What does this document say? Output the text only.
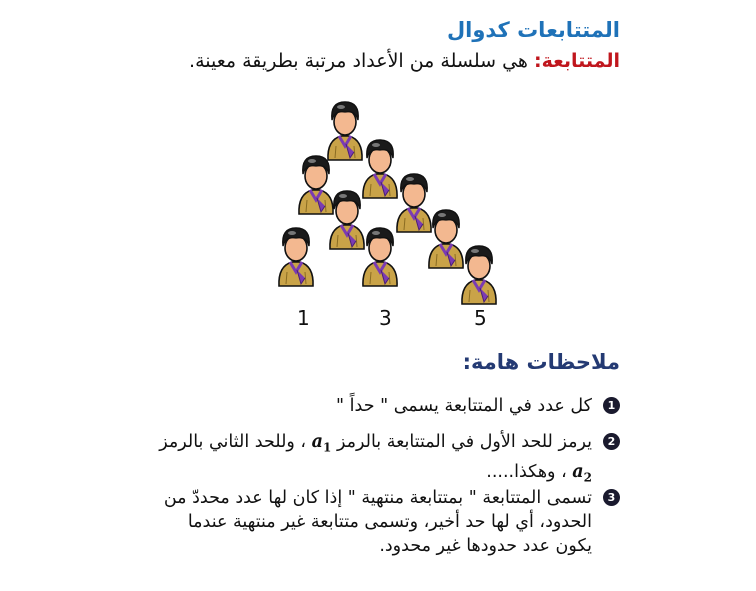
المتتابعات كدوال
المتتابعة: هي سلسلة من الأعداد مرتبة بطريقة معينة.
1	3	5
ملاحظات هامة:
1
كل عدد في المتتابعة يسمى " حداً "
2
يرمز للحد الأول في المتتابعة بالرمز $a_1$ ، وللحد الثاني بالرمز $a_2$ ، وهكذا.....
3
تسمى المتتابعة " بمتتابعة منتهية " إذا كان لها عدد محددّ من الحدود، أي لها حد أخير، وتسمى متتابعة غير منتهية عندما يكون عدد حدودها غير محدود.
